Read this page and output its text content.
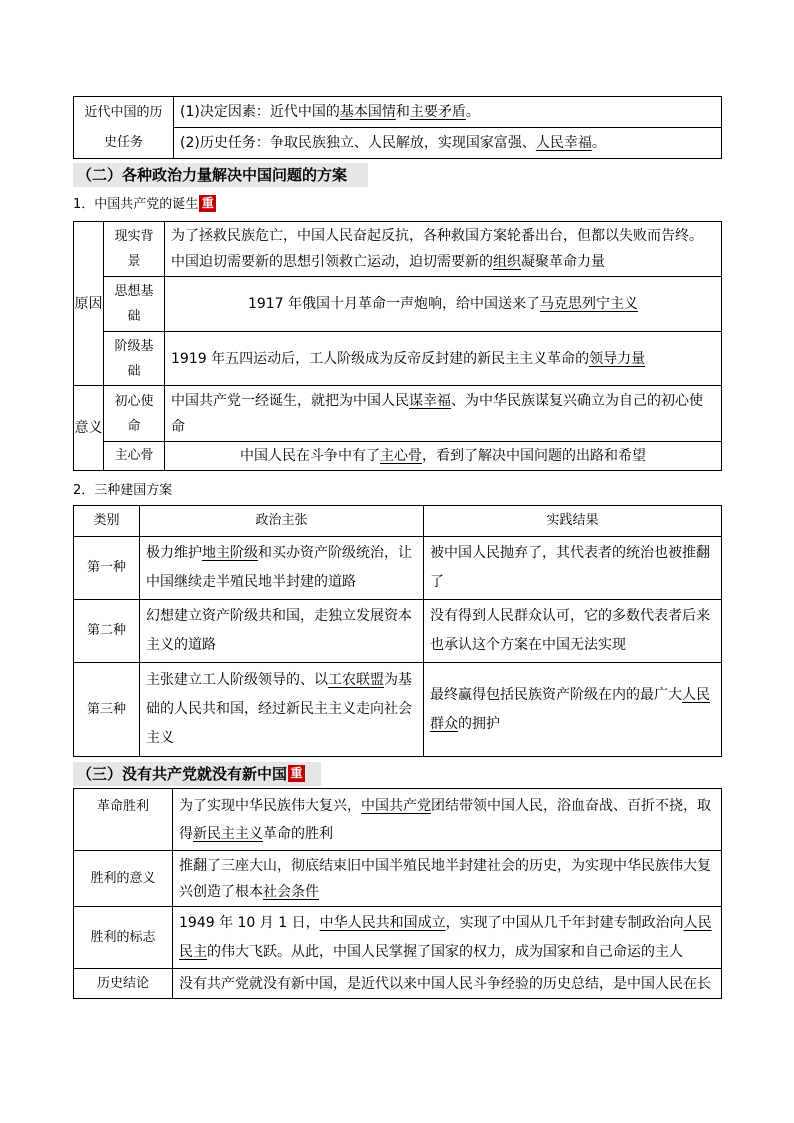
近代中国的历史任务	(1)决定因素：近代中国的基本国情和主要矛盾。
(2)历史任务：争取民族独立、人民解放，实现国家富强、人民幸福。
（二）各种政治力量解决中国问题的方案
1．中国共产党的诞生 重
原因	现实背景	为了拯救民族危亡，中国人民奋起反抗，各种救国方案轮番出台，但都以失败而告终。
中国迫切需要新的思想引领救亡运动，迫切需要新的组织凝聚革命力量
	思想基础	1917 年俄国十月革命一声炮响，给中国送来了马克思列宁主义
	阶级基础	1919 年五四运动后，工人阶级成为反帝反封建的新民主主义革命的领导力量
意义	初心使命	中国共产党一经诞生，就把为中国人民谋幸福、为中华民族谋复兴确立为自己的初心使命
	主心骨	中国人民在斗争中有了主心骨，看到了解决中国问题的出路和希望
2．三种建国方案
类别	政治主张	实践结果
第一种	极力维护地主阶级和买办资产阶级统治，让中国继续走半殖民地半封建的道路	被中国人民抛弃了，其代表者的统治也被推翻了
第二种	幻想建立资产阶级共和国，走独立发展资本主义的道路	没有得到人民群众认可，它的多数代表者后来也承认这个方案在中国无法实现
第三种	主张建立工人阶级领导的、以工农联盟为基础的人民共和国，经过新民主主义走向社会主义	最终赢得包括民族资产阶级在内的最广大人民群众的拥护
（三）没有共产党就没有新中国 重
革命胜利	为了实现中华民族伟大复兴，中国共产党团结带领中国人民，浴血奋战、百折不挠，取得新民主主义革命的胜利
胜利的意义	推翻了三座大山，彻底结束旧中国半殖民地半封建社会的历史，为实现中华民族伟大复兴创造了根本社会条件
胜利的标志	1949 年 10 月 1 日，中华人民共和国成立，实现了中国从几千年封建专制政治向人民民主的伟大飞跃。从此，中国人民掌握了国家的权力，成为国家和自己命运的主人
历史结论	没有共产党就没有新中国，是近代以来中国人民斗争经验的历史总结，是中国人民在长
